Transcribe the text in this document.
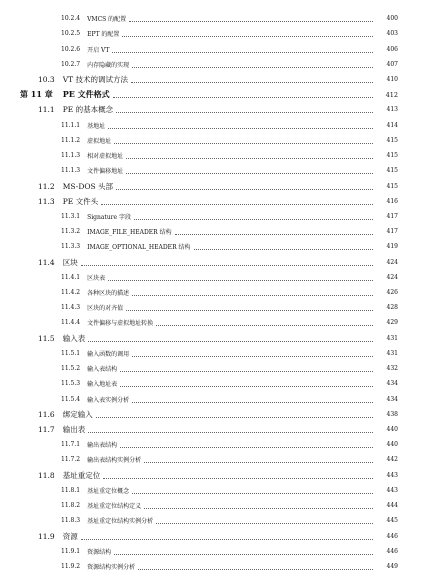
10.2.4 VMCS 的配置	400
10.2.5 EPT 的配置	403
10.2.6 开启 VT	406
10.2.7 内存隐藏的实现	407
10.3 VT 技术的调试方法	410
第 11 章 PE 文件格式	412
11.1 PE 的基本概念	413
11.1.1 基地址	414
11.1.2 虚拟地址	415
11.1.3 相对虚拟地址	415
11.1.3 文件偏移地址	415
11.2 MS-DOS 头部	415
11.3 PE 文件头	416
11.3.1 Signature 字段	417
11.3.2 IMAGE_FILE_HEADER 结构	417
11.3.3 IMAGE_OPTIONAL_HEADER 结构	419
11.4 区块	424
11.4.1 区块表	424
11.4.2 各种区块的描述	426
11.4.3 区块的对齐值	428
11.4.4 文件偏移与虚拟地址转换	429
11.5 输入表	431
11.5.1 输入函数的调用	431
11.5.2 输入表结构	432
11.5.3 输入地址表	434
11.5.4 输入表实例分析	434
11.6 绑定输入	438
11.7 输出表	440
11.7.1 输出表结构	440
11.7.2 输出表结构实例分析	442
11.8 基址重定位	443
11.8.1 基址重定位概念	443
11.8.2 基址重定位结构定义	444
11.8.3 基址重定位结构实例分析	445
11.9 资源	446
11.9.1 资源结构	446
11.9.2 资源结构实例分析	449
